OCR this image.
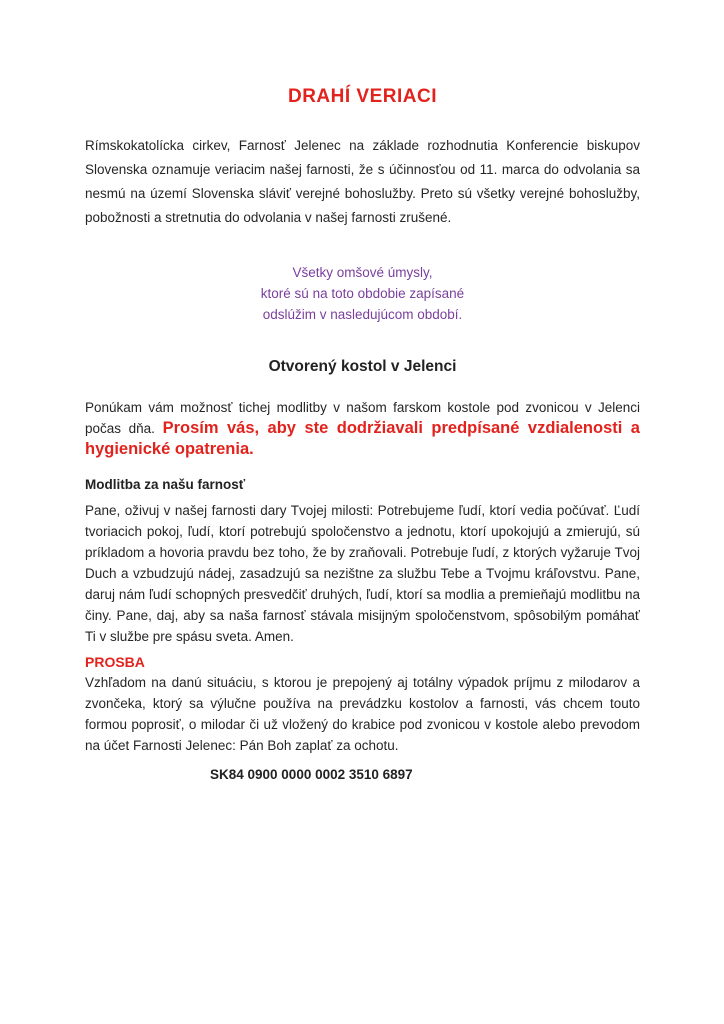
DRAHÍ VERIACI

Rímskokatolícka cirkev, Farnosť Jelenec na základe rozhodnutia Konferencie biskupov Slovenska oznamuje veriacim našej farnosti, že s účinnosťou od 11. marca do odvolania sa nesmú na území Slovenska sláviť verejné bohoslužby. Preto sú všetky verejné bohoslužby, pobožnosti a stretnutia do odvolania v našej farnosti zrušené.

Všetky omšové úmysly,
ktoré sú na toto obdobie zapísané
odslúžim v nasledujúcom období.
Otvorený kostol v Jelenci

Ponúkam vám možnosť tichej modlitby v našom farskom kostole pod zvonicou v Jelenci počas dňa. Prosím vás, aby ste dodržiavali predpísané vzdialenosti a hygienické opatrenia.

Modlitba za našu farnosť

Pane, oživuj v našej farnosti dary Tvojej milosti: Potrebujeme ľudí, ktorí vedia počúvať. Ľudí tvoriacich pokoj, ľudí, ktorí potrebujú spoločenstvo a jednotu, ktorí upokojujú a zmierujú, sú príkladom a hovoria pravdu bez toho, že by zraňovali. Potrebuje ľudí, z ktorých vyžaruje Tvoj Duch a vzbudzujú nádej, zasadzujú sa nezištne za službu Tebe a Tvojmu kráľovstvu. Pane, daruj nám ľudí schopných presvedčiť druhých, ľudí, ktorí sa modlia a premieňajú modlitbu na činy. Pane, daj, aby sa naša farnosť stávala misijným spoločenstvom, spôsobilým pomáhať Ti v službe pre spásu sveta. Amen.

PROSBA

Vzhľadom na danú situáciu, s ktorou je prepojený aj totálny výpadok príjmu z milodarov a zvončeka, ktorý sa výlučne používa na prevádzku kostolov a farnosti, vás chcem touto formou poprosiť, o milodar či už vložený do krabice pod zvonicou v kostole alebo prevodom na účet Farnosti Jelenec: Pán Boh zaplať za ochotu.

SK84 0900 0000 0002 3510 6897
